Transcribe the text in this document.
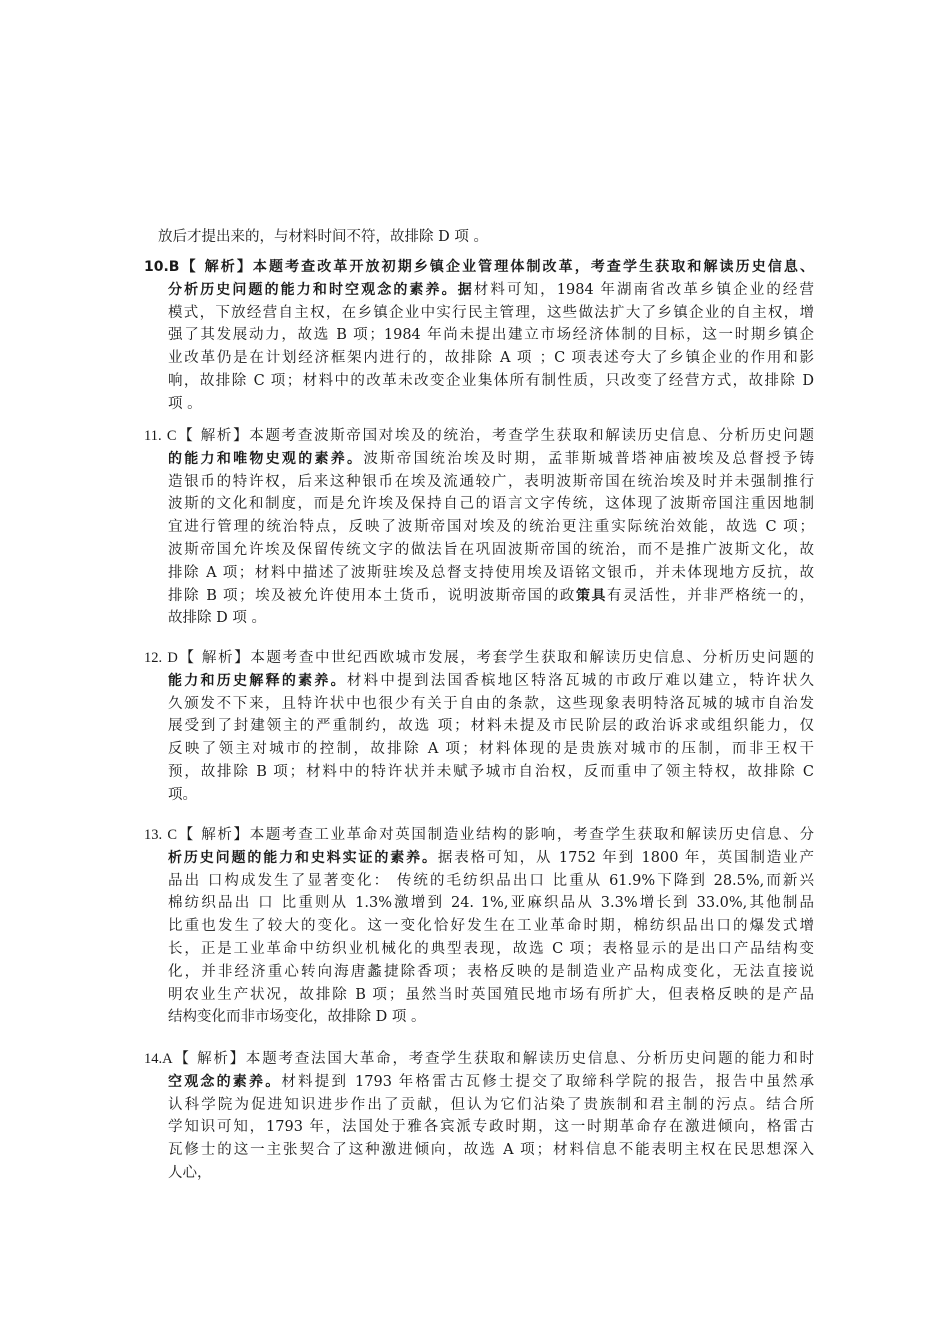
放后才提出来的，与材料时间不符，故排除 D 项 。
10.B【 解析】本题考查改革开放初期乡镇企业管理体制改革，考查学生获取和解读历史信息、
分析历史问题的能力和时空观念的素养。据材料可知，1984 年湖南省改革乡镇企业的经营
模式，下放经营自主权，在乡镇企业中实行民主管理，这些做法扩大了乡镇企业的自主权，增
强了其发展动力，故选 B 项；1984 年尚未提出建立市场经济体制的目标，这一时期乡镇企
业改革仍是在计划经济框架内进行的，故排除 A 项 ；C 项表述夸大了乡镇企业的作用和影
响，故排除 C 项；材料中的改革未改变企业集体所有制性质，只改变了经营方式，故排除 D
项 。
11. C【 解析】本题考查波斯帝国对埃及的统治，考查学生获取和解读历史信息、分析历史问题
的能力和唯物史观的素养。波斯帝国统治埃及时期，孟菲斯城普塔神庙被埃及总督授予铸
造银币的特许权，后来这种银币在埃及流通较广，表明波斯帝国在统治埃及时并未强制推行
波斯的文化和制度，而是允许埃及保持自己的语言文字传统，这体现了波斯帝国注重因地制
宜进行管理的统治特点，反映了波斯帝国对埃及的统治更注重实际统治效能，故选 C 项；
波斯帝国允许埃及保留传统文字的做法旨在巩固波斯帝国的统治，而不是推广波斯文化，故
排除 A 项；材料中描述了波斯驻埃及总督支持使用埃及语铭文银币，并未体现地方反抗，故
排除 B 项；埃及被允许使用本土货币，说明波斯帝国的政策具有灵活性，并非严格统一的，
故排除 D 项 。
12. D【 解析】本题考查中世纪西欧城市发展，考套学生获取和解读历史信息、分析历史问题的
能力和历史解释的素养。材料中提到法国香槟地区特洛瓦城的市政厅难以建立，特许状久
久颁发不下来，且特许状中也很少有关于自由的条款，这些现象表明特洛瓦城的城市自治发
展受到了封建领主的严重制约，故选 项；材料未提及市民阶层的政治诉求或组织能力，仅
反映了领主对城市的控制，故排除 A 项；材料体现的是贵族对城市的压制，而非王权干
预，故排除 B 项；材料中的特许状并未赋予城市自治权，反而重申了领主特权，故排除 C
项。
13. C【 解析】本题考查工业革命对英国制造业结构的影响，考查学生获取和解读历史信息、分
析历史问题的能力和史料实证的素养。据表格可知，从 1752 年到 1800 年，英国制造业产
品出 口构成发生了显著变化： 传统的毛纺织品出口 比重从 61.9%下降到 28.5%,而新兴
棉纺织品出 口 比重则从 1.3%激增到 24. 1%,亚麻织品从 3.3%增长到 33.0%,其他制品
比重也发生了较大的变化。这一变化恰好发生在工业革命时期，棉纺织品出口的爆发式增
长，正是工业革命中纺织业机械化的典型表现，故选 C 项；表格显示的是出口产品结构变
化，并非经济重心转向海唐蠡捷除香项；表格反映的是制造业产品构成变化，无法直接说
明农业生产状况，故排除 B 项；虽然当时英国殖民地市场有所扩大，但表格反映的是产品
结构变化而非市场变化，故排除 D 项 。
14.A【 解析】本题考查法国大革命，考查学生获取和解读历史信息、分析历史问题的能力和时
空观念的素养。材料提到 1793 年格雷古瓦修士提交了取缔科学院的报告，报告中虽然承
认科学院为促进知识进步作出了贡献，但认为它们沾染了贵族制和君主制的污点。结合所
学知识可知，1793 年，法国处于雅各宾派专政时期，这一时期革命存在激进倾向，格雷古
瓦修士的这一主张契合了这种激进倾向，故选 A 项；材料信息不能表明主权在民思想深入
人心，
